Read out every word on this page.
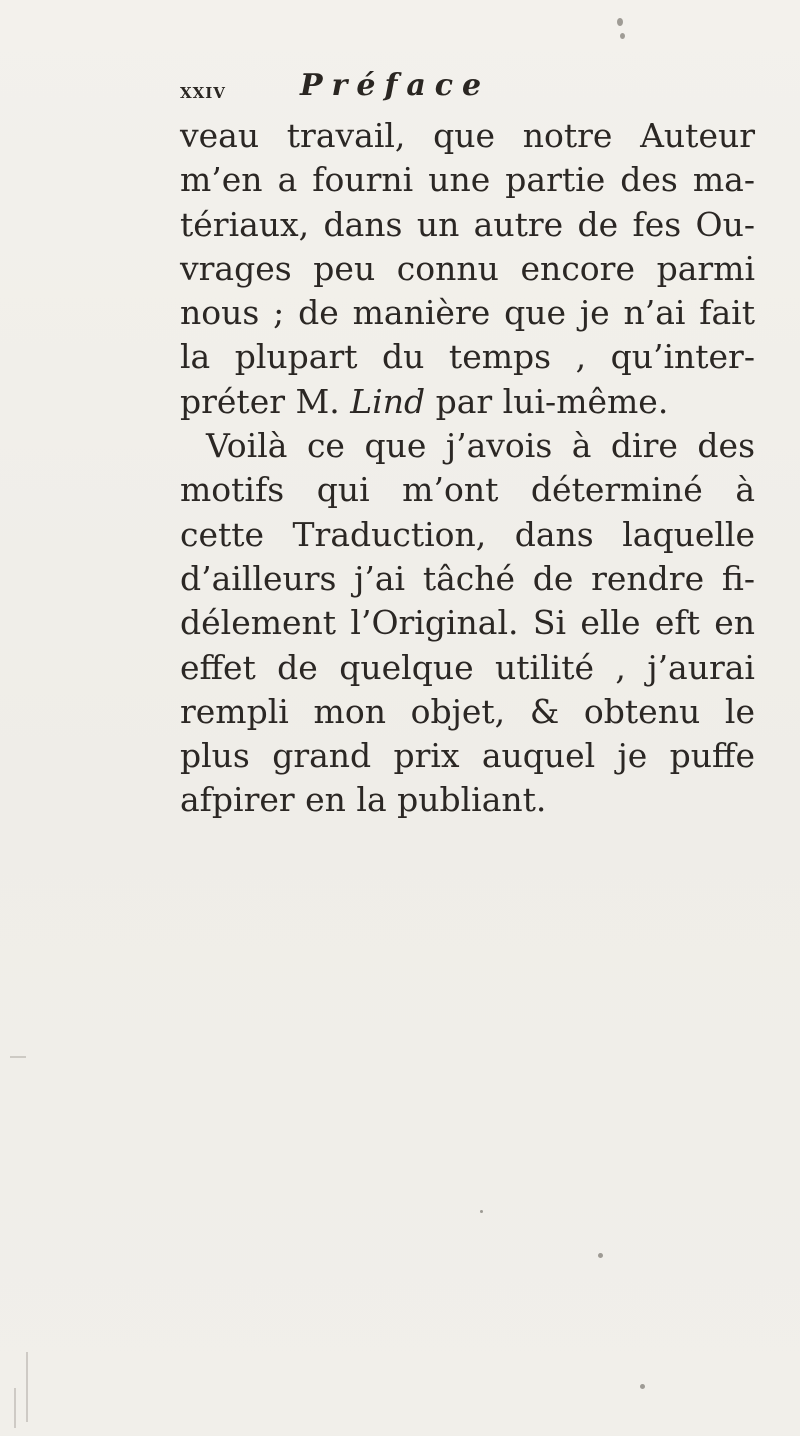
xxiv Préface
veau travail, que notre Auteur
m’en a fourni une partie des ma-
tériaux, dans un autre de fes Ou-
vrages peu connu encore parmi
nous ; de manière que je n’ai fait
la plupart du temps , qu’inter-
préter M. Lind par lui-même.
Voilà ce que j’avois à dire des
motifs qui m’ont déterminé à
cette Traduction, dans laquelle
d’ailleurs j’ai tâché de rendre fi-
délement l’Original. Si elle eft en
effet de quelque utilité , j’aurai
rempli mon objet, & obtenu le
plus grand prix auquel je puffe
afpirer en la publiant.
